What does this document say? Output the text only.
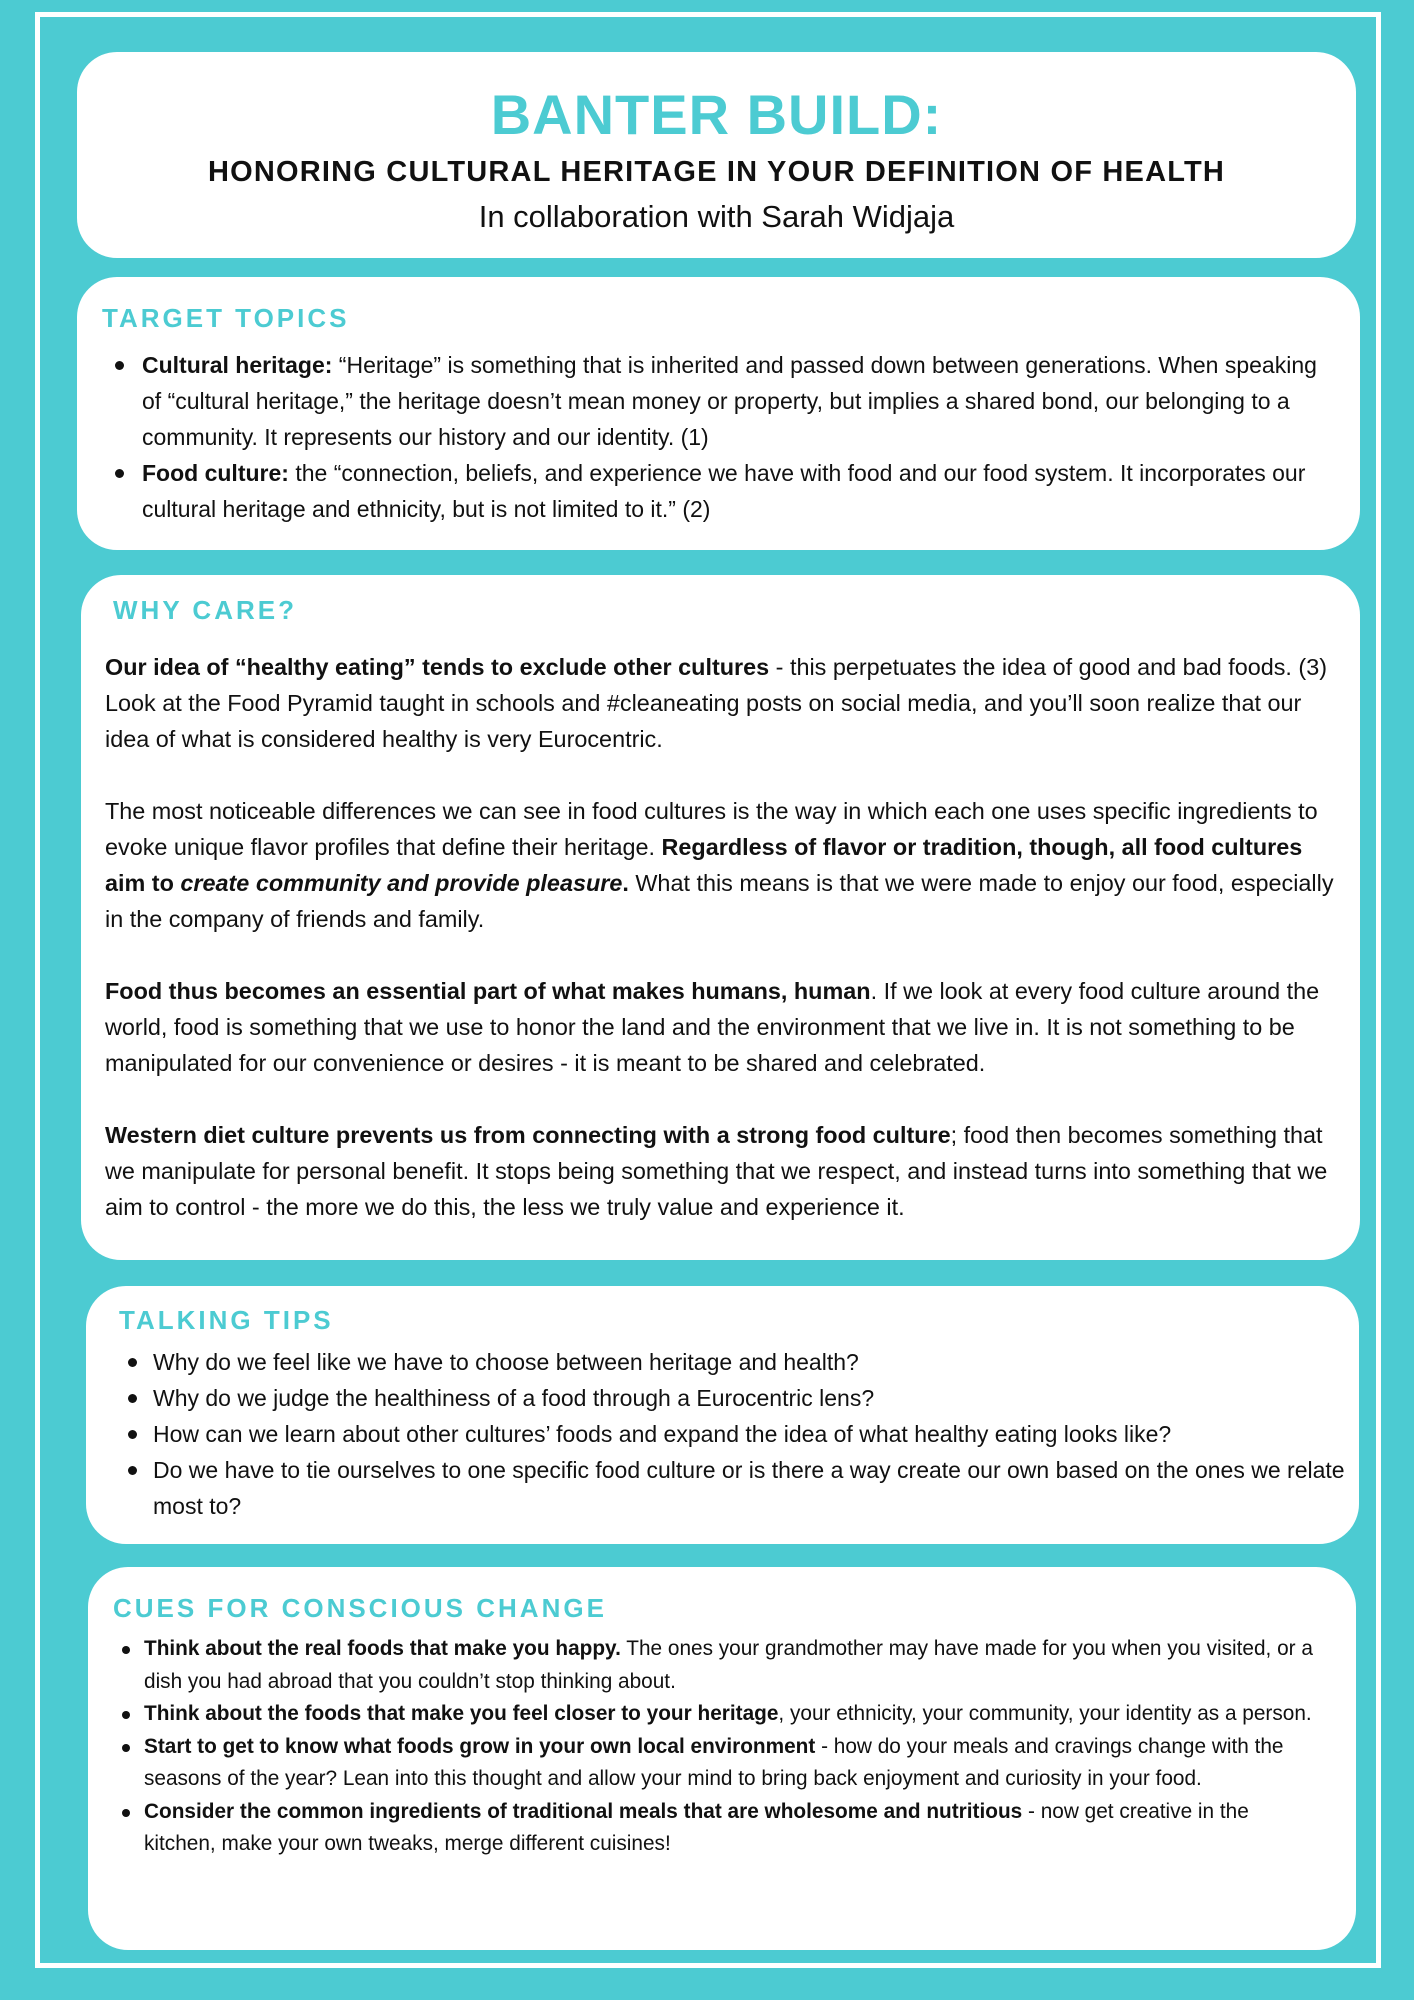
BANTER BUILD:
HONORING CULTURAL HERITAGE IN YOUR DEFINITION OF HEALTH
In collaboration with Sarah Widjaja
TARGET TOPICS
Cultural heritage: “Heritage” is something that is inherited and passed down between generations. When speaking of “cultural heritage,” the heritage doesn’t mean money or property, but implies a shared bond, our belonging to a community. It represents our history and our identity. (1)
Food culture: the “connection, beliefs, and experience we have with food and our food system. It incorporates our cultural heritage and ethnicity, but is not limited to it.” (2)
WHY CARE?

Our idea of “healthy eating” tends to exclude other cultures - this perpetuates the idea of good and bad foods. (3) Look at the Food Pyramid taught in schools and #cleaneating posts on social media, and you’ll soon realize that our idea of what is considered healthy is very Eurocentric.

The most noticeable differences we can see in food cultures is the way in which each one uses specific ingredients to evoke unique flavor profiles that define their heritage. Regardless of flavor or tradition, though, all food cultures aim to create community and provide pleasure. What this means is that we were made to enjoy our food, especially in the company of friends and family.

Food thus becomes an essential part of what makes humans, human. If we look at every food culture around the world, food is something that we use to honor the land and the environment that we live in. It is not something to be manipulated for our convenience or desires - it is meant to be shared and celebrated.

Western diet culture prevents us from connecting with a strong food culture; food then becomes something that we manipulate for personal benefit. It stops being something that we respect, and instead turns into something that we aim to control - the more we do this, the less we truly value and experience it.

TALKING TIPS
Why do we feel like we have to choose between heritage and health?
Why do we judge the healthiness of a food through a Eurocentric lens?
How can we learn about other cultures’ foods and expand the idea of what healthy eating looks like?
Do we have to tie ourselves to one specific food culture or is there a way create our own based on the ones we relate most to?
CUES FOR CONSCIOUS CHANGE
Think about the real foods that make you happy. The ones your grandmother may have made for you when you visited, or a dish you had abroad that you couldn’t stop thinking about.
Think about the foods that make you feel closer to your heritage, your ethnicity, your community, your identity as a person.
Start to get to know what foods grow in your own local environment - how do your meals and cravings change with the seasons of the year? Lean into this thought and allow your mind to bring back enjoyment and curiosity in your food.
Consider the common ingredients of traditional meals that are wholesome and nutritious - now get creative in the kitchen, make your own tweaks, merge different cuisines!
